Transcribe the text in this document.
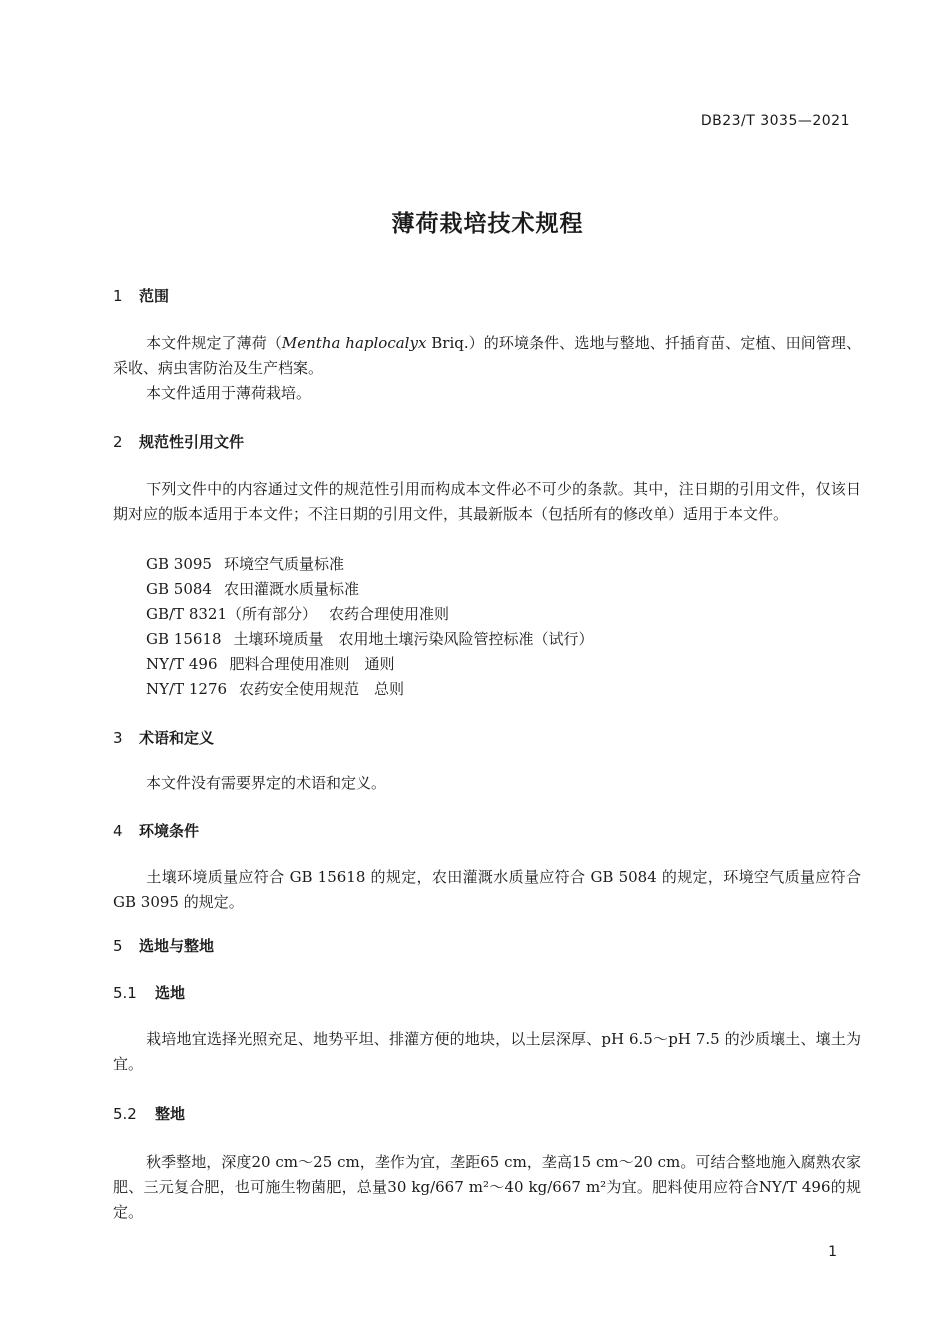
DB23/T 3035—2021
薄荷栽培技术规程
1 范围
本文件规定了薄荷（Mentha haplocalyx Briq.）的环境条件、选地与整地、扦插育苗、定植、田间管理、采收、病虫害防治及生产档案。
本文件适用于薄荷栽培。
2 规范性引用文件
下列文件中的内容通过文件的规范性引用而构成本文件必不可少的条款。其中，注日期的引用文件，仅该日期对应的版本适用于本文件；不注日期的引用文件，其最新版本（包括所有的修改单）适用于本文件。
GB 3095 环境空气质量标准
GB 5084 农田灌溉水质量标准
GB/T 8321（所有部分） 农药合理使用准则
GB 15618 土壤环境质量　农用地土壤污染风险管控标准（试行）
NY/T 496 肥料合理使用准则　通则
NY/T 1276 农药安全使用规范　总则
3 术语和定义
本文件没有需要界定的术语和定义。
4 环境条件
土壤环境质量应符合 GB 15618 的规定，农田灌溉水质量应符合 GB 5084 的规定，环境空气质量应符合 GB 3095 的规定。
5 选地与整地
5.1 选地
栽培地宜选择光照充足、地势平坦、排灌方便的地块，以土层深厚、pH 6.5～pH 7.5 的沙质壤土、壤土为宜。
5.2 整地
秋季整地，深度20 cm～25 cm，垄作为宜，垄距65 cm，垄高15 cm～20 cm。可结合整地施入腐熟农家肥、三元复合肥，也可施生物菌肥，总量30 kg/667 m²～40 kg/667 m²为宜。肥料使用应符合NY/T 496的规定。
1
